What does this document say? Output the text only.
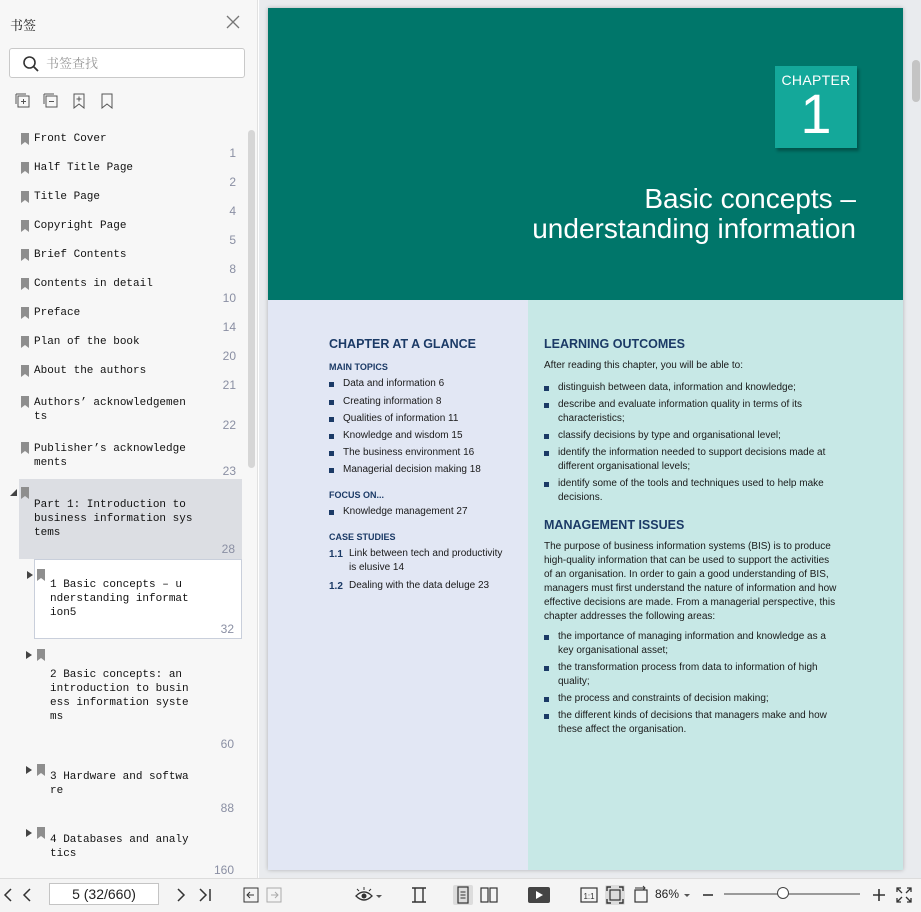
书签
书签查找
Front Cover
1
Half Title Page
2
Title Page
4
Copyright Page
5
Brief Contents
8
Contents in detail
10
Preface
14
Plan of the book
20
About the authors
21
Authors’ acknowledgemen
ts
22
Publisher’s acknowledge
ments
23
Part 1: Introduction to
business information sys
tems
28
1 Basic concepts – u
nderstanding informat
ion5
32
2 Basic concepts: an
introduction to busin
ess information syste
ms
60
3 Hardware and softwa
re
88
4 Databases and analy
tics
160
CHAPTER
1
Basic concepts –
understanding information
CHAPTER AT A GLANCE
MAIN TOPICS
Data and information 6
Creating information 8
Qualities of information 11
Knowledge and wisdom 15
The business environment 16
Managerial decision making 18
FOCUS ON...
Knowledge management 27
CASE STUDIES
1.1 Link between tech and productivity
is elusive 14
1.2 Dealing with the data deluge 23
LEARNING OUTCOMES
After reading this chapter, you will be able to:
distinguish between data, information and knowledge;
describe and evaluate information quality in terms of its
characteristics;
classify decisions by type and organisational level;
identify the information needed to support decisions made at
different organisational levels;
identify some of the tools and techniques used to help make
decisions.
MANAGEMENT ISSUES
The purpose of business information systems (BIS) is to produce
high-quality information that can be used to support the activities
of an organisation. In order to gain a good understanding of BIS,
managers must first understand the nature of information and how
effective decisions are made. From a managerial perspective, this
chapter addresses the following areas:
the importance of managing information and knowledge as a
key organisational asset;
the transformation process from data to information of high
quality;
the process and constraints of decision making;
the different kinds of decisions that managers make and how
these affect the organisation.
5 (32/660)
1:1	86%
